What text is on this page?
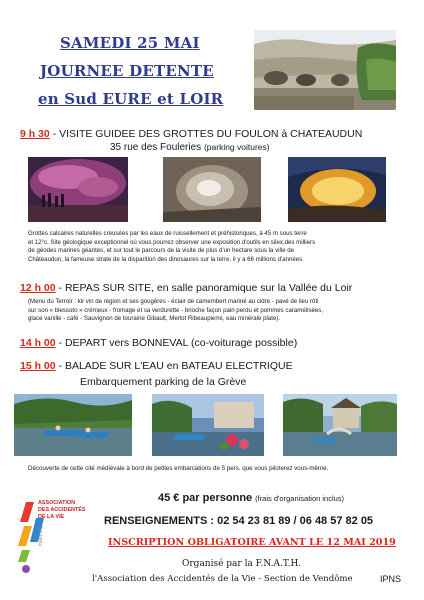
SAMEDI 25 MAI
JOURNEE DETENTE
en Sud EURE et LOIR
9 h 30 - VISITE GUIDEE DES GROTTES DU FOULON à CHATEAUDUN
35 rue des Fouleries (parking voitures)
Grottes calcaires naturelles creusées par les eaux de ruissellement et préhistoriques, à 45 m sous terre
et 12°c. Site géologique exceptionnel où vous pourrez observer une exposition d'outils en silex,des milliers
de géodes marines géantes, et sur tout le parcours de la visite de plus d'un hectare sous la ville de
Châteaudun, la fameuse strate de la disparition des dinosaures sur la terre, il y a 66 millions d'années.
12 h 00 - REPAS SUR SITE, en salle panoramique sur la Vallée du Loir
(Menu du Terroir : kir vin de région et ses gougères - éclair de camembert mariné au cidre - pavé de lieu rôti
sur son « blessoto » crémeux - fromage et sa verdurette - brioche façon pain perdu et pommes caramélisées,
glace vanille - café - Sauvignon de touraine Gibault, Merlot Ribeaupierre, eau minérale plate).
14 h 00 - DEPART vers BONNEVAL (co-voiturage possible)
15 h 00 - BALADE SUR L'EAU en BATEAU ELECTRIQUE
Embarquement parking de la Grève
Découverte de cette cité médiévale à bord de petites embarcations de 5 pers. que vous piloterez vous-même.
fnath.org
ASSOCIATION
DES ACCIDENTÉS
DE LA VIE
45 € par personne (frais d'organisation inclus)
RENSEIGNEMENTS : 02 54 23 81 89 / 06 48 57 82 05
INSCRIPTION OBLIGATOIRE AVANT LE 12 MAI 2019
Organisé par la F.N.A.T.H.
l'Association des Accidentés de la Vie - Section de Vendôme	IPNS
